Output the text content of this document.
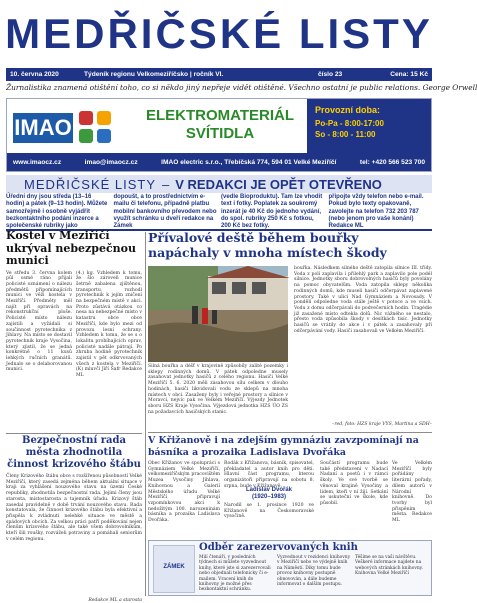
MEDŘIČSKÉ LISTY
10. června 2020	Týdeník regionu Velkomeziříčsko | ročník VI.	číslo 23	Cena: 15 Kč
Žurnalistika znamená otištění toho, co si někdo jiný nepřeje vidět otištěné. Všechno ostatní je public relations. George Orwell
IMAO	ELEKTROMATERIÁL
SVÍTIDLA
Provozní doba:
Po-Pa - 8:00-17:00
So - 8:00 - 11:00
www.imaocz.cz	imao@imaocz.cz	IMAO electric s.r.o., Třebíčská 774, 594 01 Velké Meziříčí	tel: +420 566 523 700
MEDŘIČSKÉ LISTY – V REDAKCI JE OPĚT OTEVŘENO
Úřední dny jsou středa (13–16 hodin) a pátek (9–13 hodin). Můžete samozřejmě i osobně vyjádřit bezkontaktního podání inzerce a společenské rubriky jako
dopoušt, a to prostřednictvím e-mailu či telefonu, případně platbu mobilní bankovního převodem nebo využít schránku u dveří redakce na Zámek
(vedle Bioproduktu). Tam lze vhodit text i fotky. Poplatek za soukromý inzerát je 40 Kč do jednoho vydání, do spol. rubriky 250 Kč s fotkou, 200 Kč bez fotky.
připojte vždy telefon nebo e-mail. Pokud bylo texty opakovaně, zavolejte na telefon 732 203 787 (nebo jenom pro vaše konání) Redakce ML
Kostel v Meziříčí ukrýval nebezpečnou munici
Ve středu 3. června kolem půl osmé ráno přijali policisté oznámení o nálezu předmětů připomínajících munici ve věži kostela v Meziříčí. Předměty měl najít při opravách na rekonstrukční ploše. Policisté místo nálezu zajistili a vyžádali si součinnost pyrotechnika z Jihlavy. Na místo se dostavil pyrotechnik kraje Vysočina, který zjistil, že se jedná konkrétně o 11 kusů lehkých ručních granátů. Jednalo se o delaborovanou munici.
(4.) kg. Vzhledem k tomu, že šlo zároveň munice šetrně zabalena zjištěnou, transportu, rozhodl pyrotechnik k jejím zničení na bezpečném místě v akci. Proto zůstává otázkou co nesa na nebezpečné místo v katastru obce obce Meziříčí, kde bylo mezi od provozu lesní ochrany. Vzhledem k tomu, že se s o lokalitu probíhajících oprav, policisté nadále pátrají. Po zhruba hodině pyrotechnik zajistil v pět odkrvovaných všech z kostela v Meziříčí. (K) mluvčí Jiří Šafr Redakce ML
Přívalové deště během bouřky napáchaly v mnoha místech škody
Silná bouřka a déšť v krajovině způsobily zalité pozemky i sklepy rodinných domů. V pátek odpoledne musely zasahovat jednotky hasičů z celého regionu. Hasiči Velké Meziříčí 5. 6. 2020 měli zásahovou sílu celkem v dlouho hodinách, hasiči likvidovali vodu ze sklepů na mnoha místech v obci. Zasaženy byly i veřejné prostory a silnice v Moravci, nejvíc pak ve Velkém Meziříčí. Výjezdy Jednotek sboru HZS Kraje Vysočina. Výjezdová jednotka HZS ÚO ZS na požadavcích hasičských stanic.
bouřka. Následkem silného deště zatopila silnice III. třídy. Voda z polí zaplavila i přilehlý park a zaplavilo pole podél silnice. Jednotky sboru dobrovolných hasičů byly povolány na pomoc obyvatelům. Voda zatopila sklepy několika rodinných domů, kde museli hasiči odčerpávat zaplavené prostory. Také v ulici Nad Gymnáziem a Novosady. V pondělí odpoledne voda stále ještě v potoce a ve vsích. Vodu z domu odčerpávali do podvečerních hodin. Tragédie již zasažené místo odtekla dolů. Nic vážného se nestalo, přesto voda způsobila škody v desítkách tisíc. Jednotky hasičů se vrátily do akce i v pátek a zasahovaly při odčerpávání vody. Hasiči zasahovali ve Velkém Meziříčí.
–red, foto: HZS kraje VYS, Martina a SDH–
Bezpečnostní rada města zhodnotila činnost krizového štábu
Členy Krizového štábu obce s rozšířenou působností Velké Meziříčí, který zasedá zejména během aktuální situace v kraji za vyhlášení nouzového stavu na území České republiky, zhodnotila bezpečnostní rada. Jejími členy jsou starosta, místostarosta a tajemník úřadu. Krizový štáb zasedal pravidelně v době trvání nouzového stavu. Rada konstatovala, že činnost krizového štábu byla efektivní a přispěla k zvládnutí nelehké situace ve městě a spádových obcích. Za velkou práci patří poděkování nejen členům krizového štábu, ale také všem dobrovolníkům, kteří šili roušky, rozváželi potraviny a pomáhali seniorům v celém regionu.
Redakce ML a starosta
V Křižanově i na zdejším gymnáziu zavzpomínají na básníka a prozaika Ladislava Dvořáka
Obec Křižanov ve spolupráci s Gymnáziem Velké Meziříčí, velkomeziříčským pracovištěm Muzea Vysočiny Jihlava, Knihovnou a Galerií Městského úřadu Velké Meziříčí připravují vzpomínkovou akci k nedožitým 100. narozeninám básníka a prozaika Ladislava Dvořáka.
Rodák z Křižanova, básník, spisovatel, překladatel a autor knih pro děti. Hlavní část programu, kterou organizátoři připravují na sobotu 8. srpna, bude v Křižanově.
Narodil se 1. prosince 1920 ve Křižanově na Českomoravské vysočině.
Ladislav Dvořák
(1920–1983)
Součástí programu bude také představení v Nadaci Nadaní a poetů i v rámci školy. Ve své tvorbě se věnoval krajině Vysočiny a lidem, kteří v ní žijí. Setkání se uskuteční ve škole, kde působil.
Ve Velkém Meziříčí byly pořádány literární pořady, dílem autorů v Národní knihovně. Do tvorby byl přispěním města. Redakce ML
ZÁMEK
Odběr zarezervovaných knih
Milí čtenáři, v posledních týdnech si můžete vyzvednout knihy, které jste si zarezervovali nebo objednali telefonicky či e-mailem. Vracení knih do knihovny je možné přes bezkontaktní schránku.
Vyzvednout v rezidenci knihovny v Meziříčí nebo ve výdejně knih na Náměstí. Díky tomu bude provoz knihovny postupně obnovován, a dále budeme informovat o dalším postupu.
Těšíme se na vaši návštěvu. Veškeré informace najdete na webových stránkách knihovny. Knihovna Velké Meziříčí
